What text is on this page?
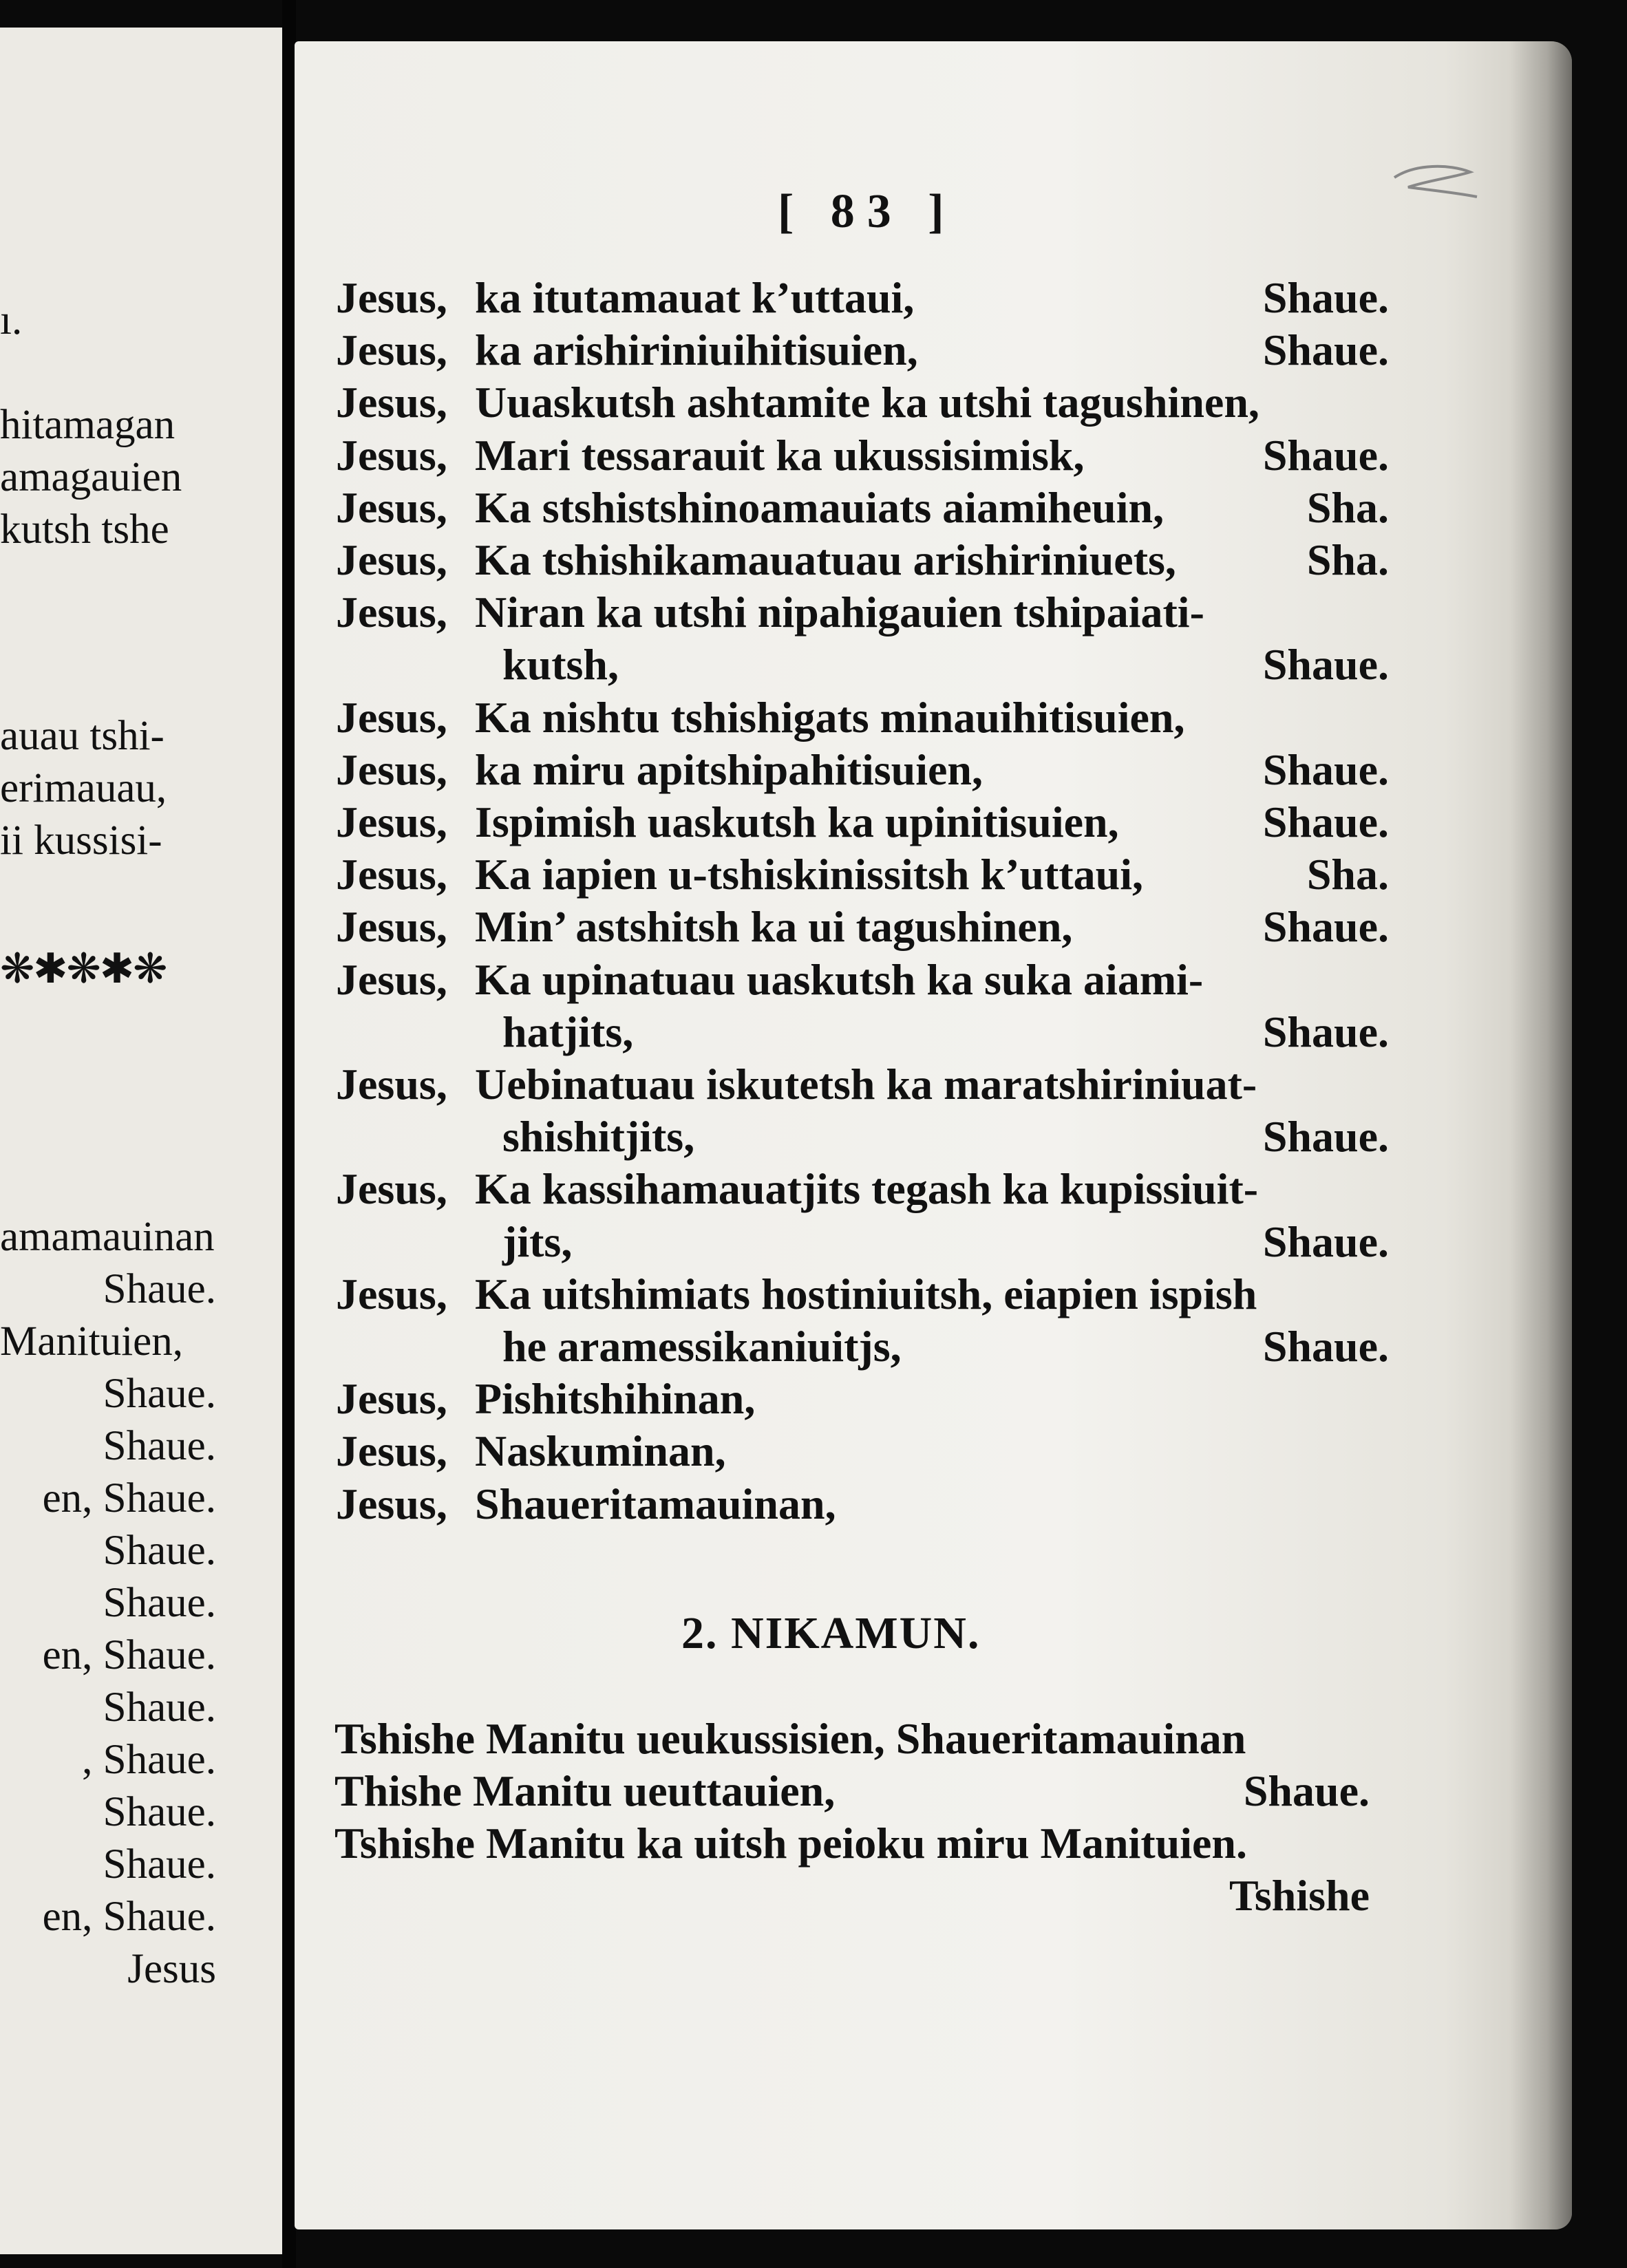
ı.
hitamagan
amagauien
kutsh tshe
auau tshi-
erimauau,
ii kussisi-
❋✱❋✱❋
amamauinan
Shaue.
Manituien,
Shaue.
Shaue.
en, Shaue.
Shaue.
Shaue.
en, Shaue.
Shaue.
, Shaue.
Shaue.
Shaue.
en, Shaue.
Jesus
[ 83 ]
Jesus, ka itutamauat k’uttaui,	Shaue.
Jesus, ka arishiriniuihitisuien,	Shaue.
Jesus, Uuaskutsh ashtamite ka utshi tagushinen,
Jesus, Mari tessarauit ka ukussisimisk,	Shaue.
Jesus, Ka stshistshinoamauiats aiamiheuin,	Sha.
Jesus, Ka tshishikamauatuau arishiriniuets,	Sha.
Jesus, Niran ka utshi nipahigauien tshipaiati-
kutsh,	Shaue.
Jesus, Ka nishtu tshishigats minauihitisuien,
Jesus, ka miru apitshipahitisuien,	Shaue.
Jesus, Ispimish uaskutsh ka upinitisuien,	Shaue.
Jesus, Ka iapien u-tshiskinissitsh k’uttaui,	Sha.
Jesus, Min’ astshitsh ka ui tagushinen,	Shaue.
Jesus, Ka upinatuau uaskutsh ka suka aiami-
hatjits,	Shaue.
Jesus, Uebinatuau iskutetsh ka maratshiriniuat-
shishitjits,	Shaue.
Jesus, Ka kassihamauatjits tegash ka kupissiuit-
jits,	Shaue.
Jesus, Ka uitshimiats hostiniuitsh, eiapien ispish
he aramessikaniuitjs,	Shaue.
Jesus, Pishitshihinan,
Jesus, Naskuminan,
Jesus, Shaueritamauinan,
2. NIKAMUN.
Tshishe Manitu ueukussisien, Shaueritamauinan
Thishe Manitu ueuttauien,	Shaue.
Tshishe Manitu ka uitsh peioku miru Manituien.
Tshishe
